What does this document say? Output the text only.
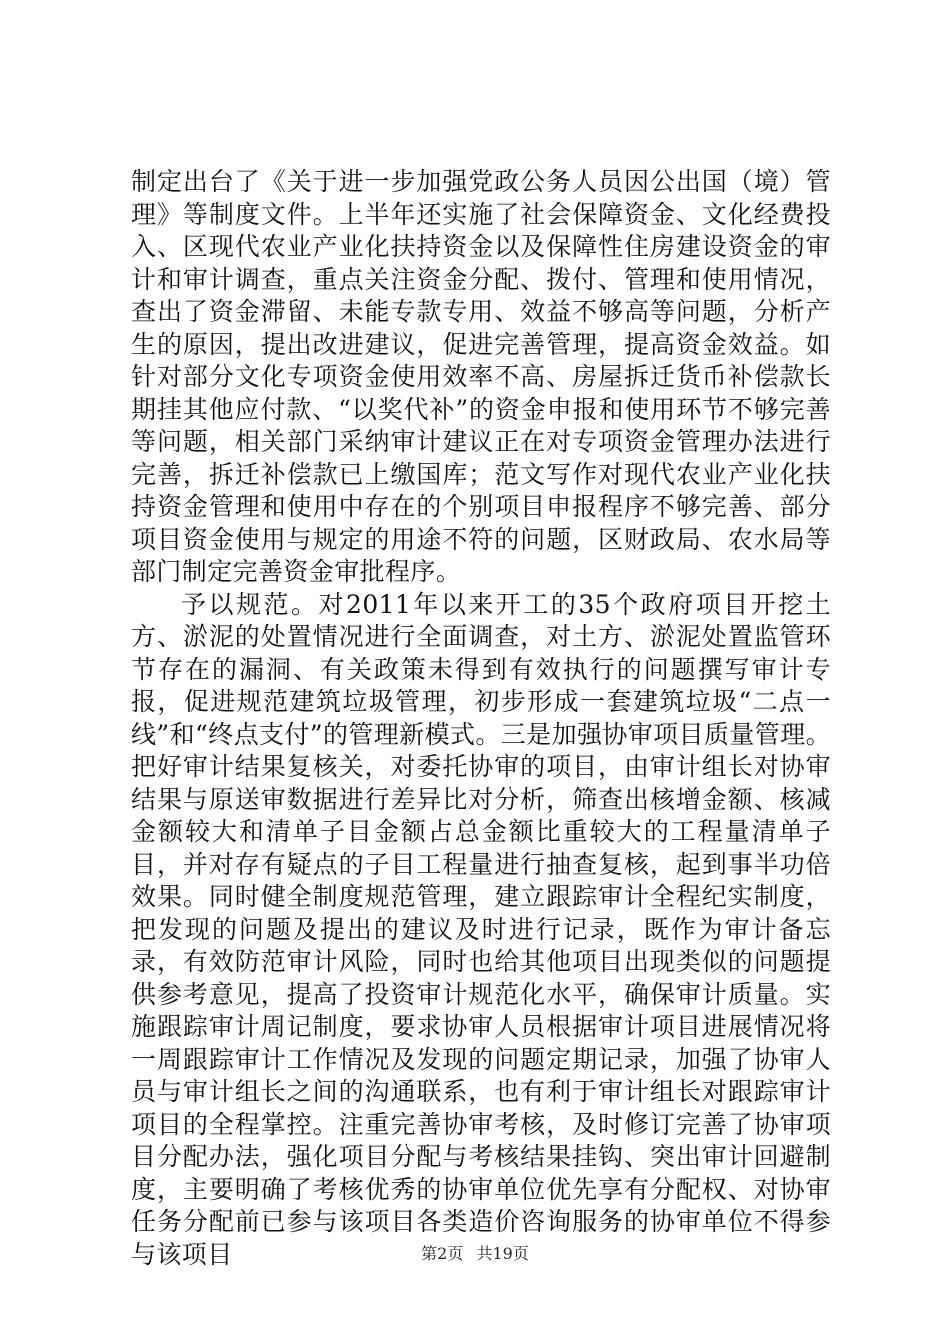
制定出台了《关于进一步加强党政公务人员因公出国（境）管理》等制度文件。上半年还实施了社会保障资金、文化经费投入、区现代农业产业化扶持资金以及保障性住房建设资金的审计和审计调查，重点关注资金分配、拨付、管理和使用情况，查出了资金滞留、未能专款专用、效益不够高等问题，分析产生的原因，提出改进建议，促进完善管理，提高资金效益。如针对部分文化专项资金使用效率不高、房屋拆迁货币补偿款长期挂其他应付款、“以奖代补”的资金申报和使用环节不够完善等问题，相关部门采纳审计建议正在对专项资金管理办法进行完善，拆迁补偿款已上缴国库；范文写作对现代农业产业化扶持资金管理和使用中存在的个别项目申报程序不够完善、部分项目资金使用与规定的用途不符的问题，区财政局、农水局等部门制定完善资金审批程序。

予以规范。对2011年以来开工的35个政府项目开挖土方、淤泥的处置情况进行全面调查，对土方、淤泥处置监管环节存在的漏洞、有关政策未得到有效执行的问题撰写审计专报，促进规范建筑垃圾管理，初步形成一套建筑垃圾“二点一线”和“终点支付”的管理新模式。三是加强协审项目质量管理。把好审计结果复核关，对委托协审的项目，由审计组长对协审结果与原送审数据进行差异比对分析，筛查出核增金额、核减金额较大和清单子目金额占总金额比重较大的工程量清单子目，并对存有疑点的子目工程量进行抽查复核，起到事半功倍效果。同时健全制度规范管理，建立跟踪审计全程纪实制度，把发现的问题及提出的建议及时进行记录，既作为审计备忘录，有效防范审计风险，同时也给其他项目出现类似的问题提供参考意见，提高了投资审计规范化水平，确保审计质量。实施跟踪审计周记制度，要求协审人员根据审计项目进展情况将一周跟踪审计工作情况及发现的问题定期记录，加强了协审人员与审计组长之间的沟通联系，也有利于审计组长对跟踪审计项目的全程掌控。注重完善协审考核，及时修订完善了协审项目分配办法，强化项目分配与考核结果挂钩、突出审计回避制度，主要明确了考核优秀的协审单位优先享有分配权、对协审任务分配前已参与该项目各类造价咨询服务的协审单位不得参与该项目	第2页 共19页
